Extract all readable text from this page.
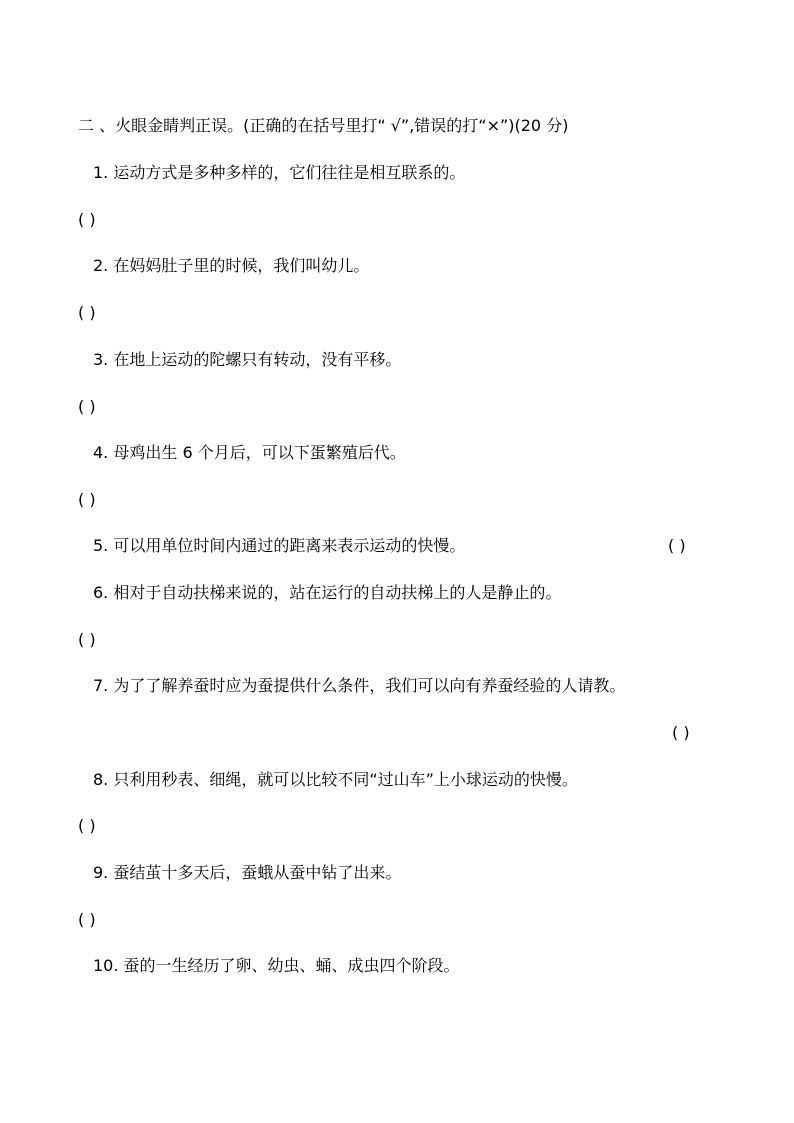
二 、火眼金睛判正误。(正确的在括号里打“ √”,错误的打“×”)(20 分)
1. 运动方式是多种多样的，它们往往是相互联系的。
( )
2. 在妈妈肚子里的时候，我们叫幼儿。
( )
3. 在地上运动的陀螺只有转动，没有平移。
( )
4. 母鸡出生 6 个月后，可以下蛋繁殖后代。
( )
5. 可以用单位时间内通过的距离来表示运动的快慢。	( )
6. 相对于自动扶梯来说的，站在运行的自动扶梯上的人是静止的。
( )
7. 为了了解养蚕时应为蚕提供什么条件，我们可以向有养蚕经验的人请教。
( )
8. 只利用秒表、细绳，就可以比较不同“过山车”上小球运动的快慢。
( )
9. 蚕结茧十多天后，蚕蛾从蚕中钻了出来。
( )
10. 蚕的一生经历了卵、幼虫、蛹、成虫四个阶段。
